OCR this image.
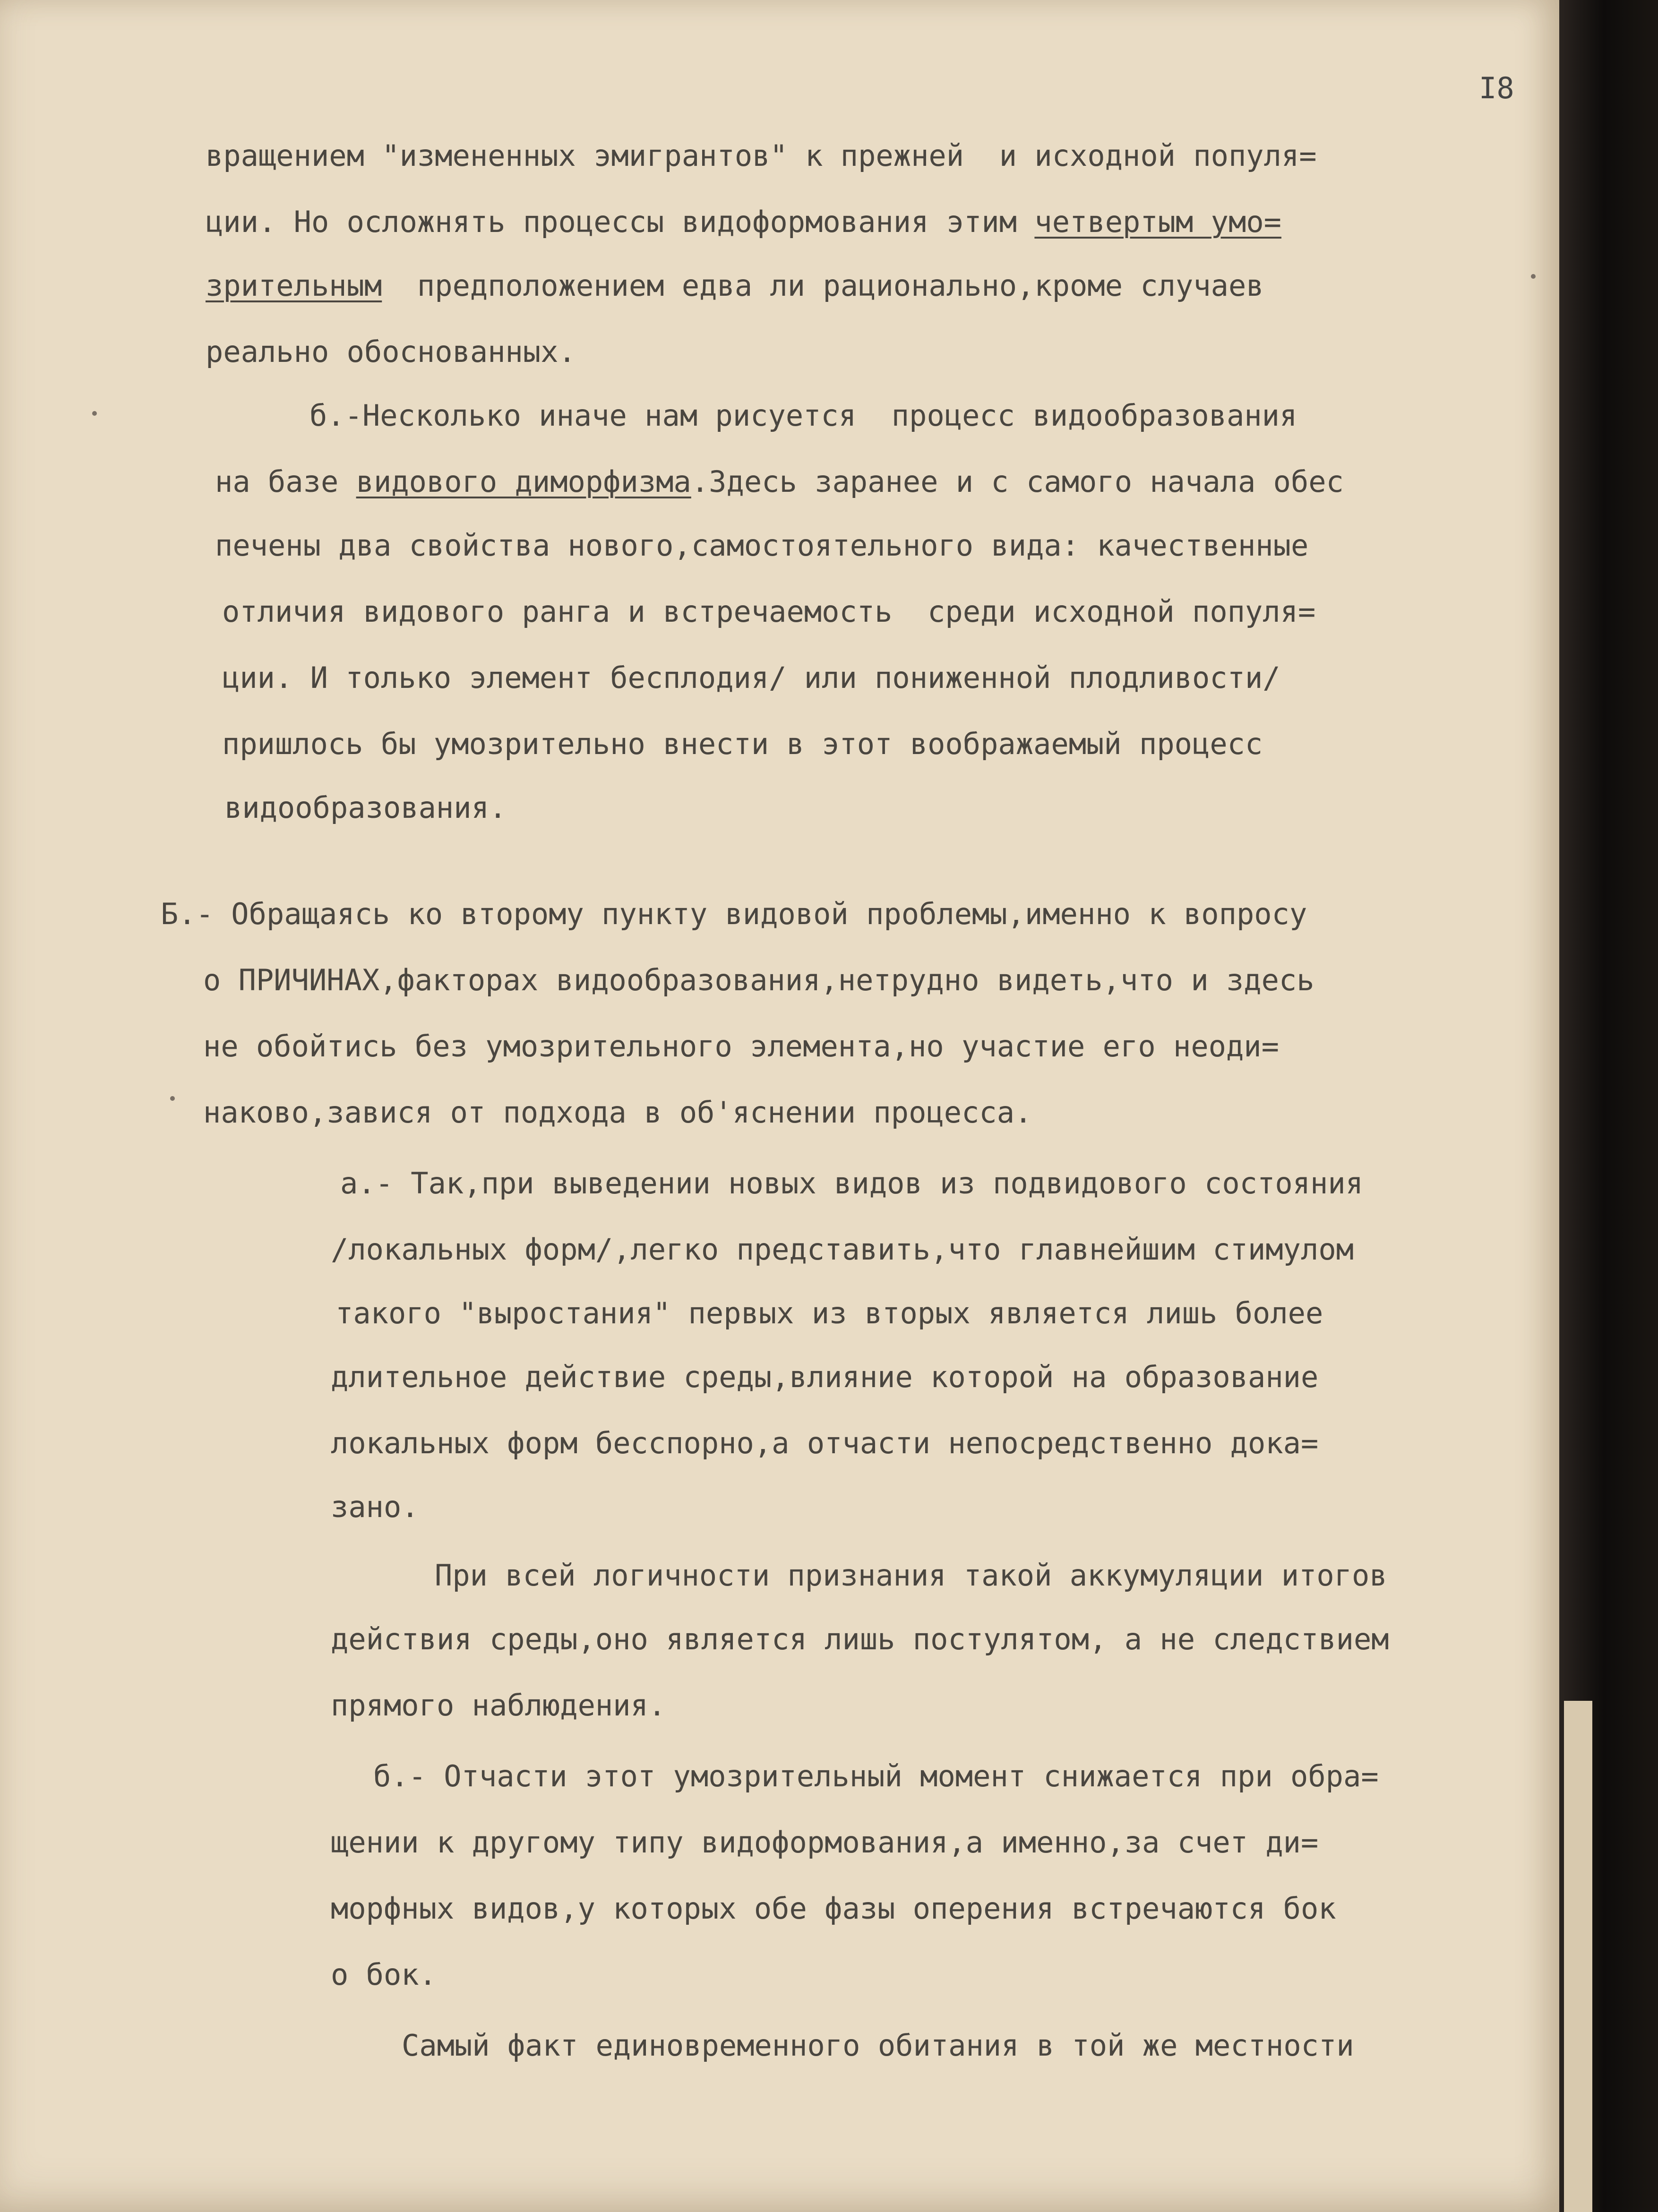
I8
вращением "измененных эмигрантов" к прежней  и исходной популя=
ции. Но осложнять процессы видоформования этим четвертым умо=
зрительным  предположением едва ли рационально,кроме случаев
реально обоснованных.
б.-Несколько иначе нам рисуется  процесс видообразования
на базе видового диморфизма.Здесь заранее и с самого начала обес
печены два свойства нового,самостоятельного вида: качественные
отличия видового ранга и встречаемость  среди исходной популя=
ции. И только элемент бесплодия/ или пониженной плодливости/
пришлось бы умозрительно внести в этот воображаемый процесс
видообразования.
Б.- Обращаясь ко второму пункту видовой проблемы,именно к вопросу
о ПРИЧИНАХ,факторах видообразования,нетрудно видеть,что и здесь
не обойтись без умозрительного элемента,но участие его неоди=
наково,завися от подхода в об'яснении процесса.
а.- Так,при выведении новых видов из подвидового состояния
/локальных форм/,легко представить,что главнейшим стимулом
такого "выростания" первых из вторых является лишь более
длительное действие среды,влияние которой на образование
локальных форм бесспорно,а отчасти непосредственно дока=
зано.
При всей логичности признания такой аккумуляции итогов
действия среды,оно является лишь постулятом, а не следствием
прямого наблюдения.
б.- Отчасти этот умозрительный момент снижается при обра=
щении к другому типу видоформования,а именно,за счет ди=
морфных видов,у которых обе фазы оперения встречаются бок
о бок.
Самый факт единовременного обитания в той же местности
